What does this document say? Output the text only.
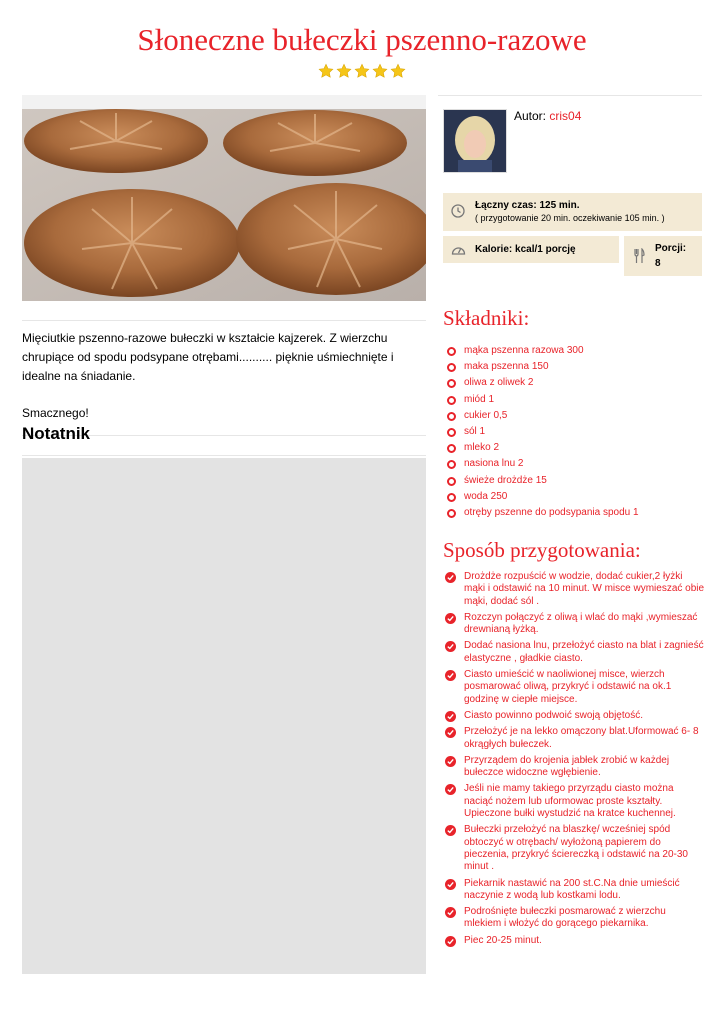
Słoneczne bułeczki pszenno-razowe

Mięciutkie pszenno-razowe bułeczki w kształcie kajzerek. Z wierzchu chrupiące od spodu podsypane otrębami.......... pięknie uśmiechnięte i idealne na śniadanie.

Smacznego!

Notatnik
Autor: cris04
Łączny czas: 125 min.
( przygotowanie 20 min. oczekiwanie 105 min. )
Kalorie: kcal/1 porcję	Porcji:
8
Składniki:
mąka pszenna razowa 300
maka pszenna 150
oliwa z oliwek 2
miód 1
cukier 0,5
sól 1
mleko 2
nasiona lnu 2
świeże drożdże 15
woda 250
otręby pszenne do podsypania spodu 1
Sposób przygotowania:
Drożdże rozpuścić w wodzie, dodać cukier,2 łyżki mąki i odstawić na 10 minut. W misce wymieszać obie mąki, dodać sól .
Rozczyn połączyć z oliwą i wlać do mąki ,wymieszać drewnianą łyżką.
Dodać nasiona lnu, przełożyć ciasto na blat i zagnieść elastyczne , gładkie ciasto.
Ciasto umieścić w naoliwionej misce, wierzch posmarować oliwą, przykryć i odstawić na ok.1 godzinę w ciepłe miejsce.
Ciasto powinno podwoić swoją objętość.
Przełożyć je na lekko omączony blat.Uformować 6- 8 okrągłych bułeczek.
Przyrządem do krojenia jabłek zrobić w każdej bułeczce widoczne wgłębienie.
Jeśli nie mamy takiego przyrządu ciasto można naciąć nożem lub uformowac proste kształty. Upieczone bułki wystudzić na kratce kuchennej.
Bułeczki przełożyć na blaszkę/ wcześniej spód obtoczyć w otrębach/ wyłożoną papierem do pieczenia, przykryć ściereczką i odstawić na 20-30 minut .
Piekarnik nastawić na 200 st.C.Na dnie umieścić naczynie z wodą lub kostkami lodu.
Podrośnięte bułeczki posmarować z wierzchu mlekiem i włożyć do gorącego piekarnika.
Piec 20-25 minut.
